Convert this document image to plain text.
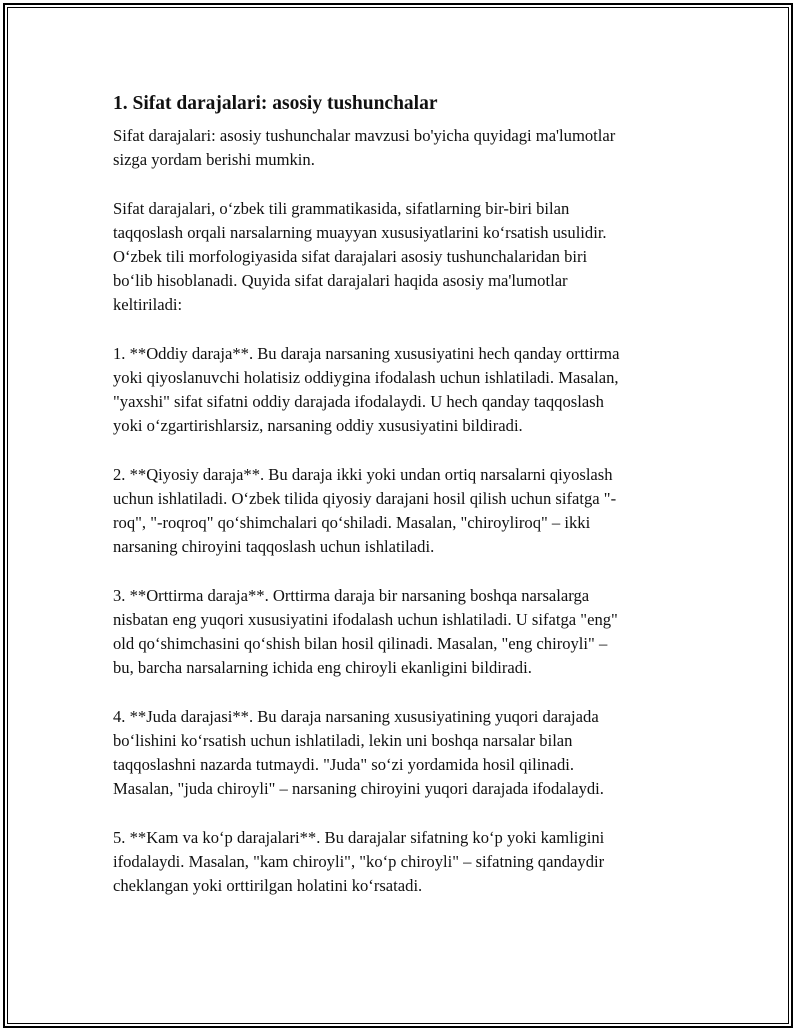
1. Sifat darajalari: asosiy tushunchalar

Sifat darajalari: asosiy tushunchalar mavzusi bo'yicha quyidagi ma'lumotlar
sizga yordam berishi mumkin.

Sifat darajalari, o‘zbek tili grammatikasida, sifatlarning bir-biri bilan
taqqoslash orqali narsalarning muayyan xususiyatlarini ko‘rsatish usulidir.
O‘zbek tili morfologiyasida sifat darajalari asosiy tushunchalaridan biri
bo‘lib hisoblanadi. Quyida sifat darajalari haqida asosiy ma'lumotlar
keltiriladi:

1. **Oddiy daraja**. Bu daraja narsaning xususiyatini hech qanday orttirma
yoki qiyoslanuvchi holatisiz oddiygina ifodalash uchun ishlatiladi. Masalan,
"yaxshi" sifat sifatni oddiy darajada ifodalaydi. U hech qanday taqqoslash
yoki o‘zgartirishlarsiz, narsaning oddiy xususiyatini bildiradi.

2. **Qiyosiy daraja**. Bu daraja ikki yoki undan ortiq narsalarni qiyoslash
uchun ishlatiladi. O‘zbek tilida qiyosiy darajani hosil qilish uchun sifatga "-
roq", "-roqroq" qo‘shimchalari qo‘shiladi. Masalan, "chiroyliroq" – ikki
narsaning chiroyini taqqoslash uchun ishlatiladi.

3. **Orttirma daraja**. Orttirma daraja bir narsaning boshqa narsalarga
nisbatan eng yuqori xususiyatini ifodalash uchun ishlatiladi. U sifatga "eng"
old qo‘shimchasini qo‘shish bilan hosil qilinadi. Masalan, "eng chiroyli" –
bu, barcha narsalarning ichida eng chiroyli ekanligini bildiradi.

4. **Juda darajasi**. Bu daraja narsaning xususiyatining yuqori darajada
bo‘lishini ko‘rsatish uchun ishlatiladi, lekin uni boshqa narsalar bilan
taqqoslashni nazarda tutmaydi. "Juda" so‘zi yordamida hosil qilinadi.
Masalan, "juda chiroyli" – narsaning chiroyini yuqori darajada ifodalaydi.

5. **Kam va ko‘p darajalari**. Bu darajalar sifatning ko‘p yoki kamligini
ifodalaydi. Masalan, "kam chiroyli", "ko‘p chiroyli" – sifatning qandaydir
cheklangan yoki orttirilgan holatini ko‘rsatadi.
